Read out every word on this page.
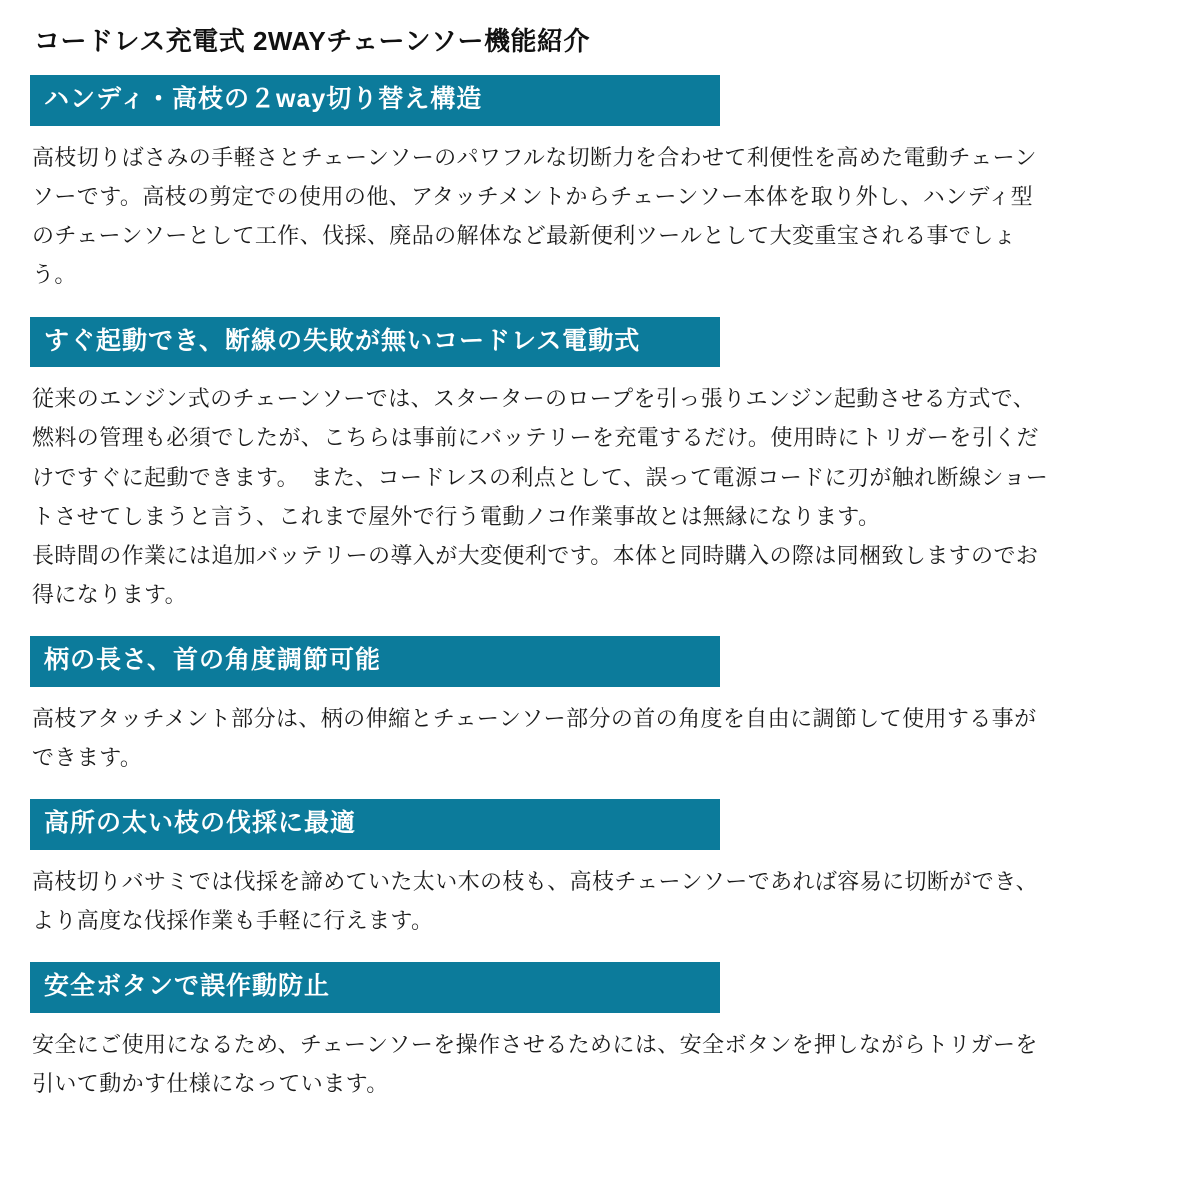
コードレス充電式 2WAYチェーンソー機能紹介
ハンディ・高枝の２way切り替え構造

高枝切りばさみの手軽さとチェーンソーのパワフルな切断力を合わせて利便性を高めた電動チェーンソーです。高枝の剪定での使用の他、アタッチメントからチェーンソー本体を取り外し、ハンディ型のチェーンソーとして工作、伐採、廃品の解体など最新便利ツールとして大変重宝される事でしょう。

すぐ起動でき、断線の失敗が無いコードレス電動式

従来のエンジン式のチェーンソーでは、スターターのロープを引っ張りエンジン起動させる方式で、燃料の管理も必須でしたが、こちらは事前にバッテリーを充電するだけ。使用時にトリガーを引くだけですぐに起動できます。　また、コードレスの利点として、誤って電源コードに刃が触れ断線ショートさせてしまうと言う、これまで屋外で行う電動ノコ作業事故とは無縁になります。

長時間の作業には追加バッテリーの導入が大変便利です。本体と同時購入の際は同梱致しますのでお得になります。

柄の長さ、首の角度調節可能

高枝アタッチメント部分は、柄の伸縮とチェーンソー部分の首の角度を自由に調節して使用する事ができます。

高所の太い枝の伐採に最適

高枝切りバサミでは伐採を諦めていた太い木の枝も、高枝チェーンソーであれば容易に切断ができ、より高度な伐採作業も手軽に行えます。

安全ボタンで誤作動防止

安全にご使用になるため、チェーンソーを操作させるためには、安全ボタンを押しながらトリガーを引いて動かす仕様になっています。
